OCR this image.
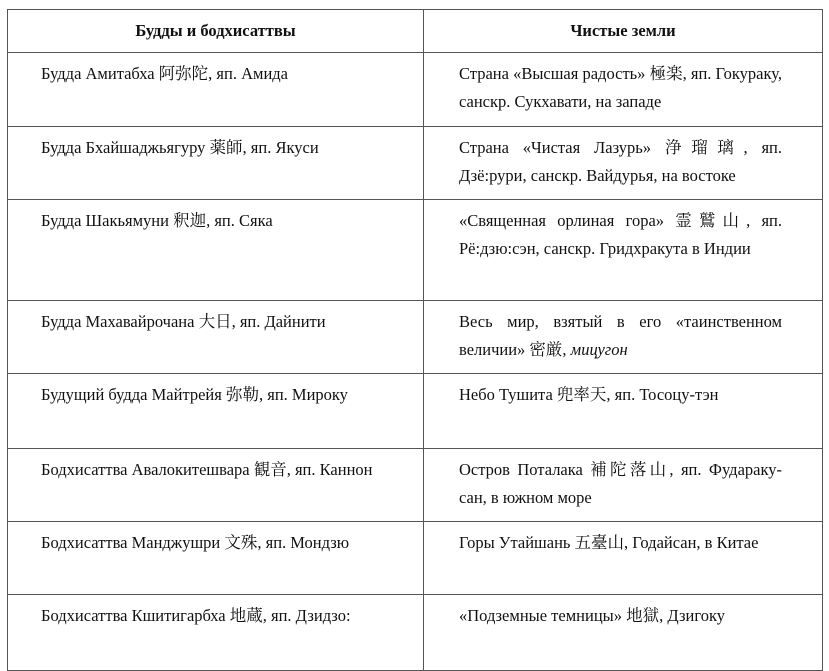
Будды и бодхисаттвы	Чистые земли
Будда Амитабха 阿弥陀, яп. Амида	Страна «Высшая радость» 極楽, яп. Гокураку, санскр. Сукхавати, на западе
Будда Бхайшаджьягуру 薬師, яп. Якуси	Страна «Чистая Лазурь» 浄瑠璃, яп. Дзё:рури, санскр. Вайдурья, на востоке
Будда Шакьямуни 釈迦, яп. Сяка	«Священная орлиная гора» 霊鷲山, яп. Рё:дзю:сэн, санскр. Гридхракута в Индии
Будда Махавайрочана 大日, яп. Дайнити	Весь мир, взятый в его «таинственном величии» 密厳, мицугон
Будущий будда Майтрейя 弥勒, яп. Мироку	Небо Тушита 兜率天, яп. Тосоцу-тэн
Бодхисаттва Авалокитешвара 観音, яп. Каннон	Остров Поталака 補陀落山, яп. Фудараку-сан, в южном море
Бодхисаттва Манджушри 文殊, яп. Мондзю	Горы Утайшань 五臺山, Годайсан, в Китае
Бодхисаттва Кшитигарбха 地蔵, яп. Дзидзо:	«Подземные темницы» 地獄, Дзигоку
